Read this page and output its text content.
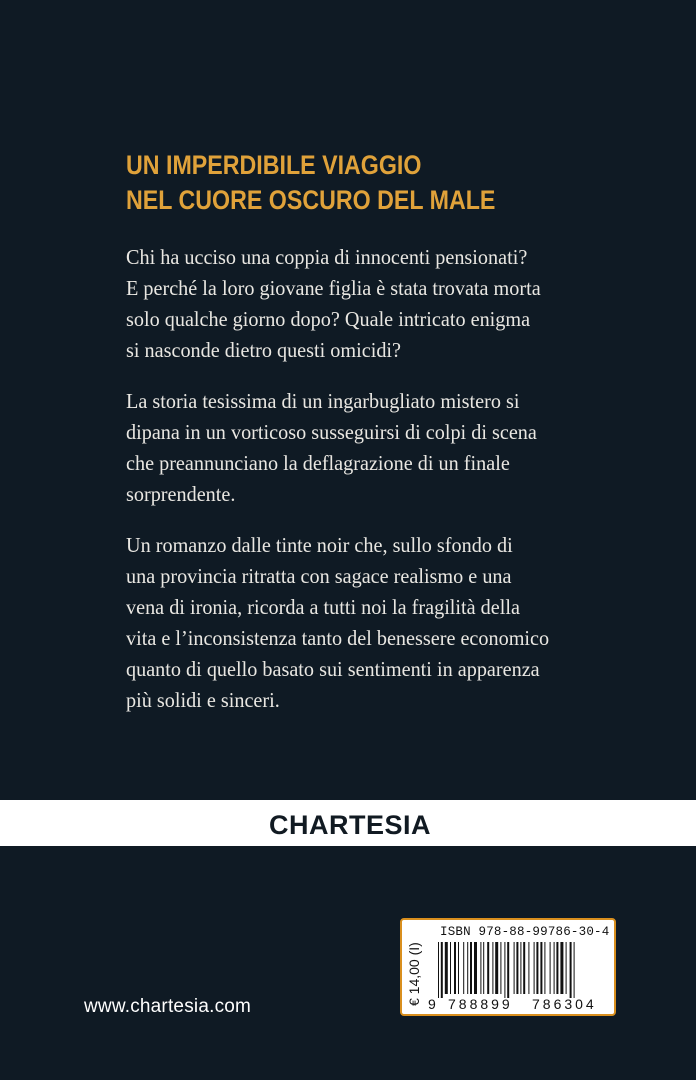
UN IMPERDIBILE VIAGGIO
NEL CUORE OSCURO DEL MALE
Chi ha ucciso una coppia di innocenti pensionati?
E perché la loro giovane figlia è stata trovata morta
solo qualche giorno dopo? Quale intricato enigma
si nasconde dietro questi omicidi?
La storia tesissima di un ingarbugliato mistero si
dipana in un vorticoso susseguirsi di colpi di scena
che preannunciano la deflagrazione di un finale
sorprendente.
Un romanzo dalle tinte noir che, sullo sfondo di
una provincia ritratta con sagace realismo e una
vena di ironia, ricorda a tutti noi la fragilità della
vita e l’inconsistenza tanto del benessere economico
quanto di quello basato sui sentimenti in apparenza
più solidi e sinceri.
CHARTESIA
www.chartesia.com
ISBN 978-88-99786-30-4
€ 14,00 (I) 9 788899 786304
